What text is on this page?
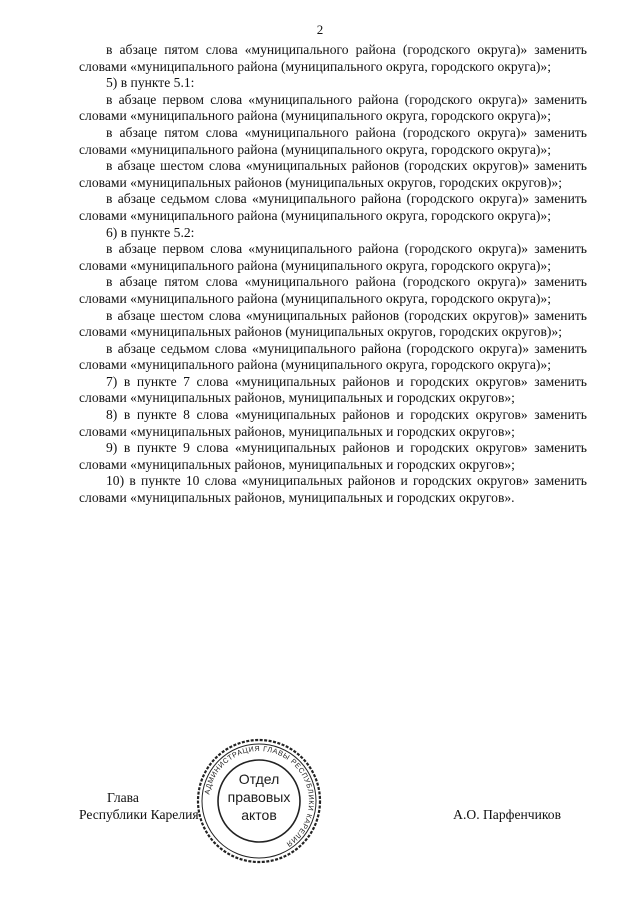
2

в абзаце пятом слова «муниципального района (городского округа)» заменить словами «муниципального района (муниципального округа, городского округа)»;

5) в пункте 5.1:

в абзаце первом слова «муниципального района (городского округа)» заменить словами «муниципального района (муниципального округа, городского округа)»;

в абзаце пятом слова «муниципального района (городского округа)» заменить словами «муниципального района (муниципального округа, городского округа)»;

в абзаце шестом слова «муниципальных районов (городских округов)» заменить словами «муниципальных районов (муниципальных округов, городских округов)»;

в абзаце седьмом слова «муниципального района (городского округа)» заменить словами «муниципального района (муниципального округа, городского округа)»;

6) в пункте 5.2:

в абзаце первом слова «муниципального района (городского округа)» заменить словами «муниципального района (муниципального округа, городского округа)»;

в абзаце пятом слова «муниципального района (городского округа)» заменить словами «муниципального района (муниципального округа, городского округа)»;

в абзаце шестом слова «муниципальных районов (городских округов)» заменить словами «муниципальных районов (муниципальных округов, городских округов)»;

в абзаце седьмом слова «муниципального района (городского округа)» заменить словами «муниципального района (муниципального округа, городского округа)»;

7) в пункте 7 слова «муниципальных районов и городских округов» заменить словами «муниципальных районов, муниципальных и городских округов»;

8) в пункте 8 слова «муниципальных районов и городских округов» заменить словами «муниципальных районов, муниципальных и городских округов»;

9) в пункте 9 слова «муниципальных районов и городских округов» заменить словами «муниципальных районов, муниципальных и городских округов»;

10) в пункте 10 слова «муниципальных районов и городских округов» заменить словами «муниципальных районов, муниципальных и городских округов».

Глава
Республики Карелия
АДМИНИСТРАЦИЯ ГЛАВЫ РЕСПУБЛИКИ КАРЕЛИЯ
Отдел
правовых
актов	А.О. Парфенчиков
